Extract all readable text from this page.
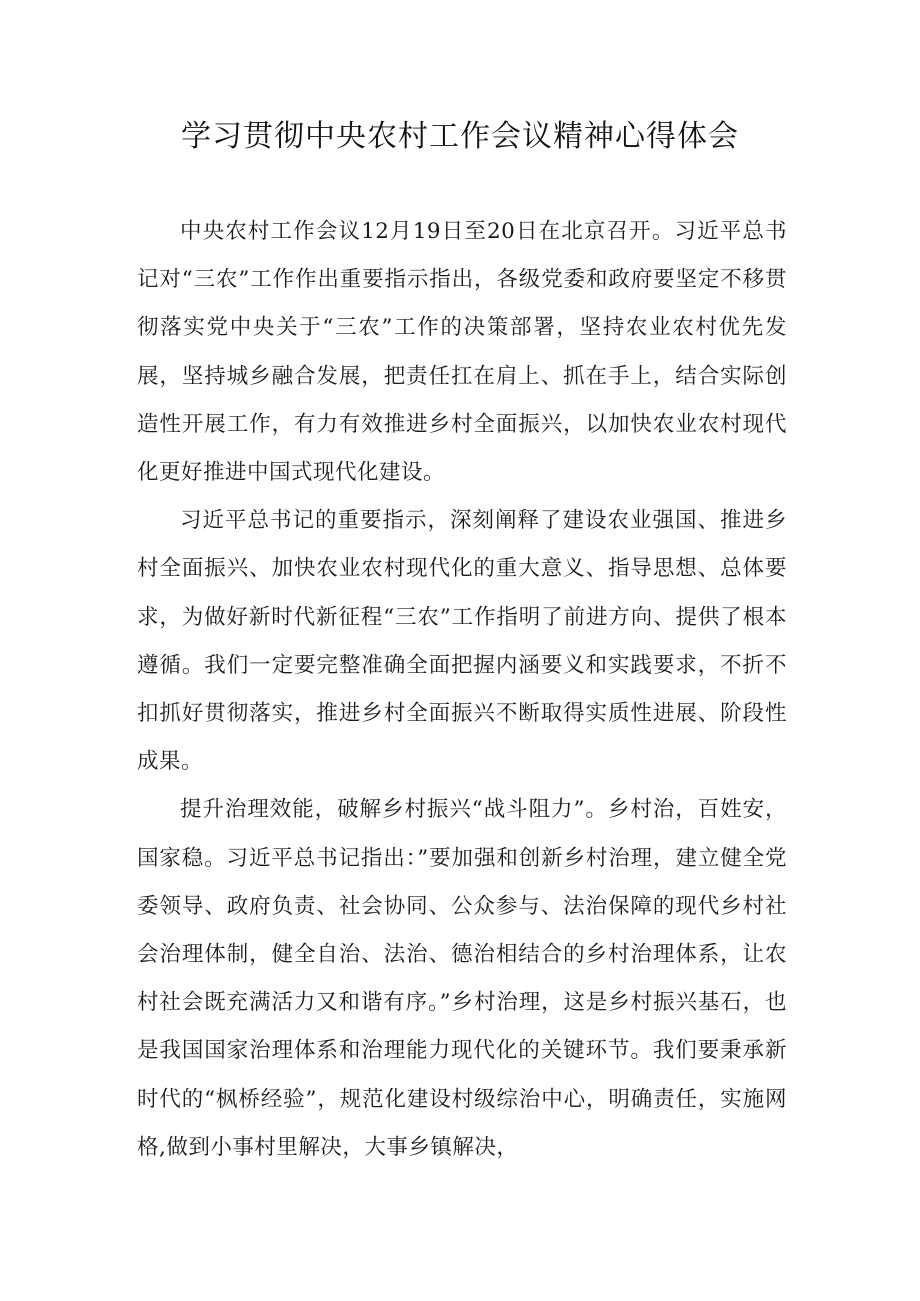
学习贯彻中央农村工作会议精神心得体会

中央农村工作会议12月19日至20日在北京召开。习近平总书记对“三农”工作作出重要指示指出，各级党委和政府要坚定不移贯彻落实党中央关于“三农”工作的决策部署，坚持农业农村优先发展，坚持城乡融合发展，把责任扛在肩上、抓在手上，结合实际创造性开展工作，有力有效推进乡村全面振兴，以加快农业农村现代化更好推进中国式现代化建设。

习近平总书记的重要指示，深刻阐释了建设农业强国、推进乡村全面振兴、加快农业农村现代化的重大意义、指导思想、总体要求，为做好新时代新征程“三农”工作指明了前进方向、提供了根本遵循。我们一定要完整准确全面把握内涵要义和实践要求，不折不扣抓好贯彻落实，推进乡村全面振兴不断取得实质性进展、阶段性成果。

提升治理效能，破解乡村振兴“战斗阻力”。乡村治，百姓安，国家稳。习近平总书记指出：”要加强和创新乡村治理，建立健全党委领导、政府负责、社会协同、公众参与、法治保障的现代乡村社会治理体制，健全自治、法治、德治相结合的乡村治理体系，让农村社会既充满活力又和谐有序。”乡村治理，这是乡村振兴基石，也是我国国家治理体系和治理能力现代化的关键环节。我们要秉承新时代的“枫桥经验”，规范化建设村级综治中心，明确责任，实施网格,做到小事村里解决，大事乡镇解决，
